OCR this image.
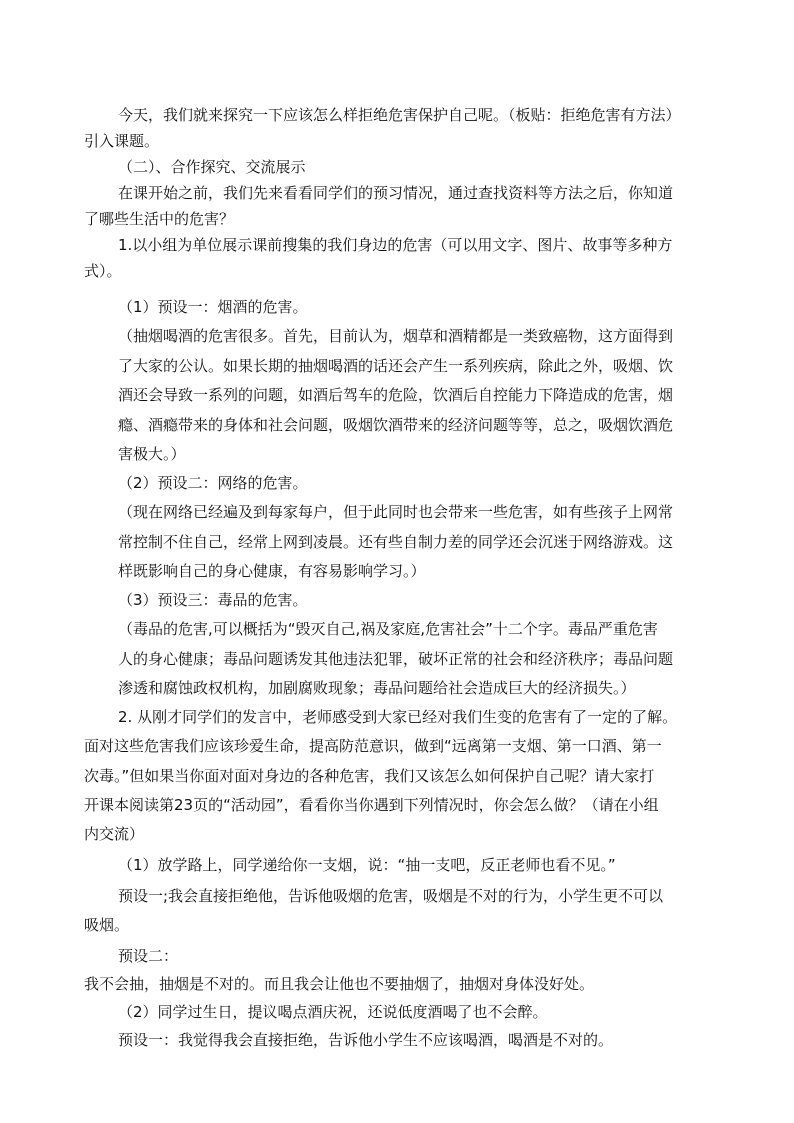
今天，我们就来探究一下应该怎么样拒绝危害保护自己呢。（板贴：拒绝危害有方法）
引入课题。
（二）、合作探究、交流展示
在课开始之前，我们先来看看同学们的预习情况，通过查找资料等方法之后，你知道
了哪些生活中的危害？
1.以小组为单位展示课前搜集的我们身边的危害（可以用文字、图片、故事等多种方
式）。
（1）预设一：烟酒的危害。
（抽烟喝酒的危害很多。首先，目前认为，烟草和酒精都是一类致癌物，这方面得到
了大家的公认。如果长期的抽烟喝酒的话还会产生一系列疾病，除此之外，吸烟、饮
酒还会导致一系列的问题，如酒后驾车的危险，饮酒后自控能力下降造成的危害，烟
瘾、酒瘾带来的身体和社会问题，吸烟饮酒带来的经济问题等等，总之，吸烟饮酒危
害极大。）
（2）预设二：网络的危害。
（现在网络已经遍及到每家每户，但于此同时也会带来一些危害，如有些孩子上网常
常控制不住自己，经常上网到凌晨。还有些自制力差的同学还会沉迷于网络游戏。这
样既影响自己的身心健康，有容易影响学习。）
（3）预设三：毒品的危害。
（毒品的危害,可以概括为“毁灭自己,祸及家庭,危害社会”十二个字。毒品严重危害
人的身心健康；毒品问题诱发其他违法犯罪，破坏正常的社会和经济秩序；毒品问题
渗透和腐蚀政权机构，加剧腐败现象；毒品问题给社会造成巨大的经济损失。）
2. 从刚才同学们的发言中，老师感受到大家已经对我们生变的危害有了一定的了解。
面对这些危害我们应该珍爱生命，提高防范意识，做到“远离第一支烟、第一口酒、第一
次毒。”但如果当你面对面对身边的各种危害，我们又该怎么如何保护自己呢？请大家打
开课本阅读第23页的“活动园”，看看你当你遇到下列情况时，你会怎么做？（请在小组
内交流）
（1）放学路上，同学递给你一支烟，说：“抽一支吧，反正老师也看不见。”
预设一;我会直接拒绝他，告诉他吸烟的危害，吸烟是不对的行为，小学生更不可以
吸烟。
预设二：
我不会抽，抽烟是不对的。而且我会让他也不要抽烟了，抽烟对身体没好处。
（2）同学过生日，提议喝点酒庆祝，还说低度酒喝了也不会醉。
预设一：我觉得我会直接拒绝，告诉他小学生不应该喝酒，喝酒是不对的。
